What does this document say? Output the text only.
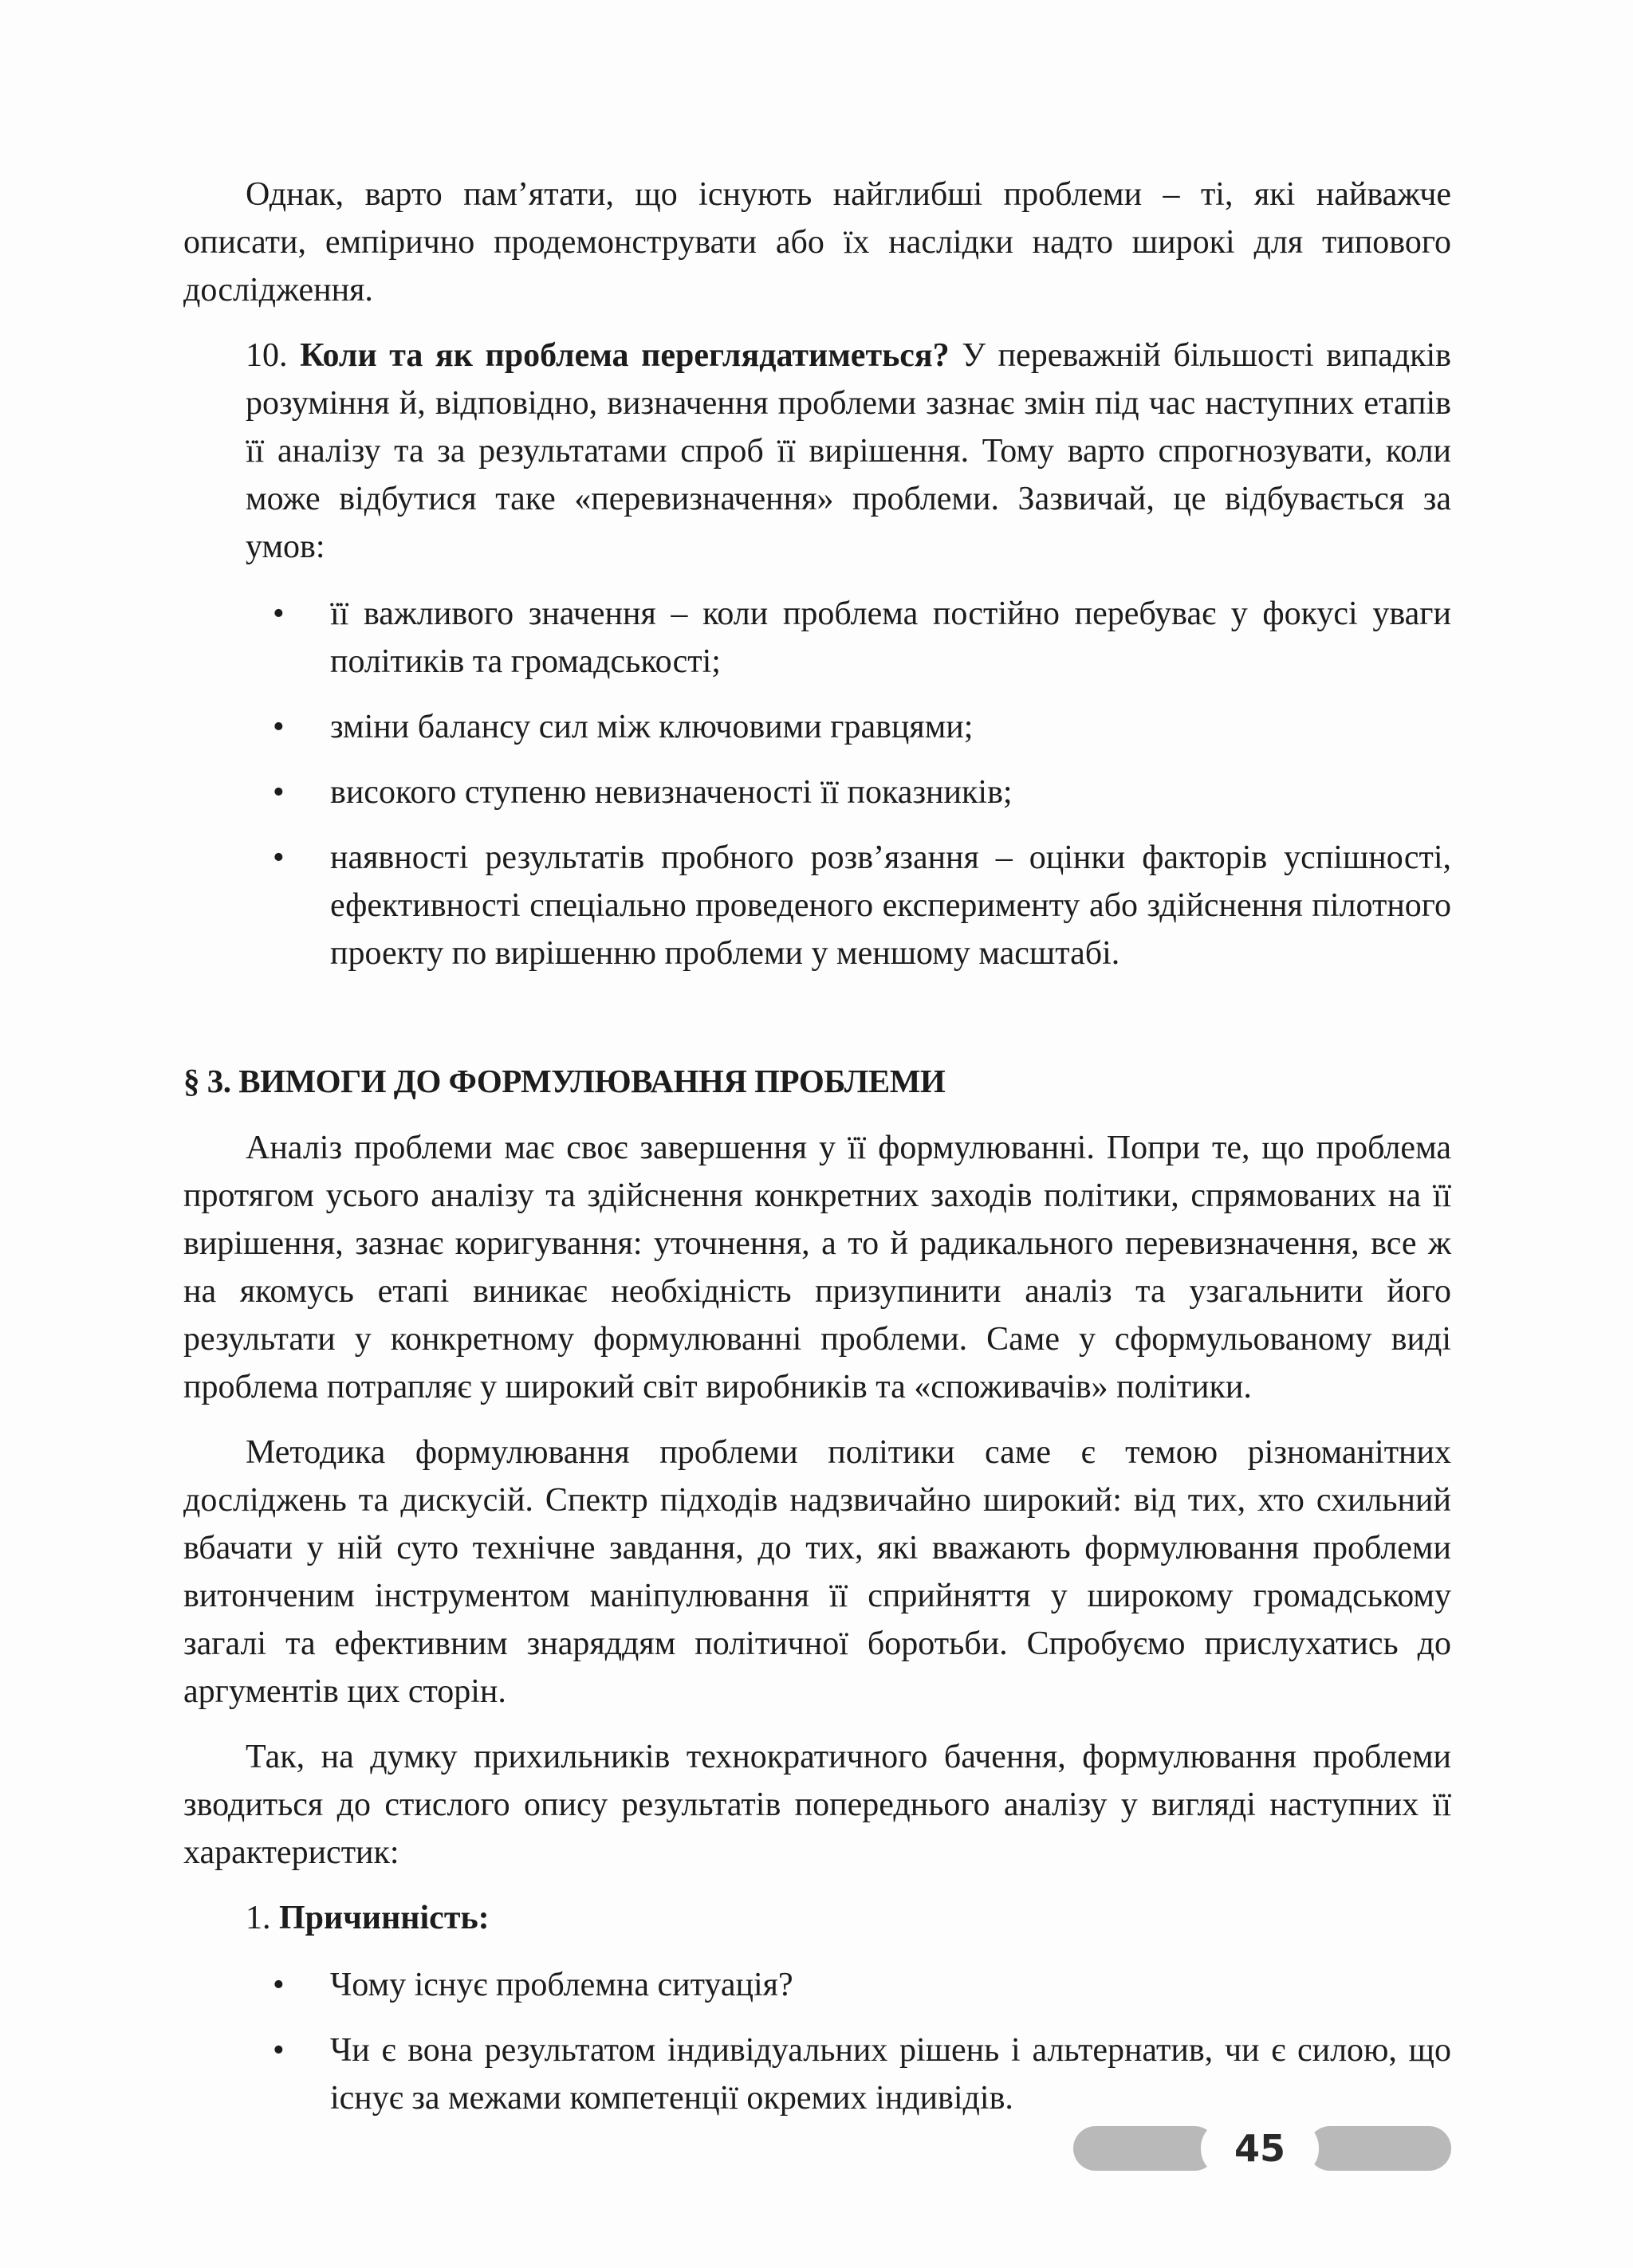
Однак, варто пам’ятати, що існують найглибші проблеми – ті, які найважче описати, емпірично продемонструвати або їх наслідки надто широкі для типового дослідження.

10. Коли та як проблема переглядатиметься? У переважній більшості випадків розуміння й, відповідно, визначення проблеми зазнає змін під час наступних етапів її аналізу та за результатами спроб її вирішення. Тому варто спрогнозувати, коли може відбутися таке «перевизначення» проблеми. Зазвичай, це відбувається за умов:

• її важливого значення – коли проблема постійно перебуває у фокусі уваги політиків та громадськості;
• зміни балансу сил між ключовими гравцями;
• високого ступеню невизначеності її показників;
• наявності результатів пробного розв’язання – оцінки факторів успішності, ефективності спеціально проведеного експерименту або здійснення пілотного проекту по вирішенню проблеми у меншому масштабі.
§ 3. ВИМОГИ ДО ФОРМУЛЮВАННЯ ПРОБЛЕМИ

Аналіз проблеми має своє завершення у її формулюванні. Попри те, що проблема протягом усього аналізу та здійснення конкретних заходів політики, спрямованих на її вирішення, зазнає коригування: уточнення, а то й радикального перевизначення, все ж на якомусь етапі виникає необхідність призупинити аналіз та узагальнити його результати у конкретному формулюванні проблеми. Саме у сформульованому виді проблема потрапляє у широкий світ виробників та «споживачів» політики.

Методика формулювання проблеми політики саме є темою різноманітних досліджень та дискусій. Спектр підходів надзвичайно широкий: від тих, хто схильний вбачати у ній суто технічне завдання, до тих, які вважають формулювання проблеми витонченим інструментом маніпулювання її сприйняття у широкому громадському загалі та ефективним знаряддям політичної боротьби. Спробуємо прислухатись до аргументів цих сторін.

Так, на думку прихильників технократичного бачення, формулювання проблеми зводиться до стислого опису результатів попереднього аналізу у вигляді наступних її характеристик:

1. Причинність:

• Чому існує проблемна ситуація?
• Чи є вона результатом індивідуальних рішень і альтернатив, чи є силою, що існує за межами компетенції окремих індивідів.
45
